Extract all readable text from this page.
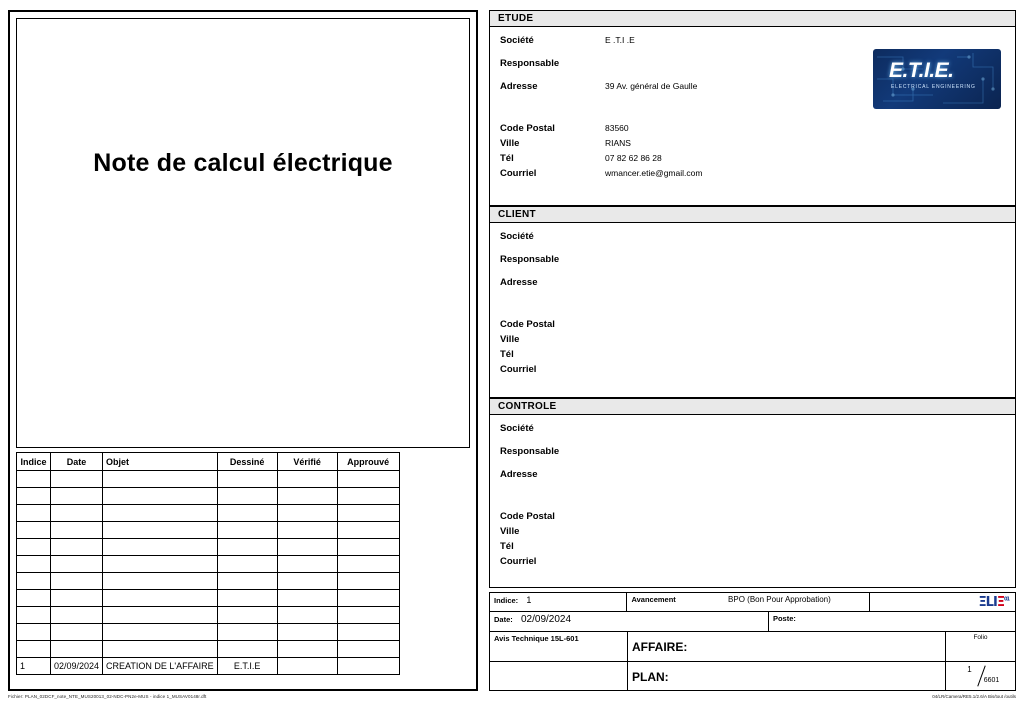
Note de calcul électrique
Indice	Date	Objet	Dessiné	Vérifié	Approuvé

1	02/09/2024	CREATION DE L'AFFAIRE	E.T.I.E		
Fichier: PLAN_02DCF_note_NTE_MUS20013_02-NDC-PN2e-MUS - indice 1_MUSAV0148r.dft	04/LR/Camera/RE5.1/2.6/A Bis/tout /outils
ETUDE
E.T.I.E.
ELECTRICAL ENGINEERING
Société	E .T.I .E
Responsable
Adresse	39 Av. général de Gaulle
Code Postal	83560
Ville	RIANS
Tél	07 82 62 86 28
Courriel	wmancer.etie@gmail.com
CLIENT
Société
Responsable
Adresse
Code Postal
Ville
Tél
Courriel
CONTROLE
Société
Responsable
Adresse
Code Postal
Ville
Tél
Courriel
Indice: 1	Avancement	BPO (Bon Pour Approbation)	ΞLIΞ$^{01}$
Date: 02/09/2024	Poste:
Avis Technique 15L-601
AFFAIRE:
Folio
PLAN:
1
6601
